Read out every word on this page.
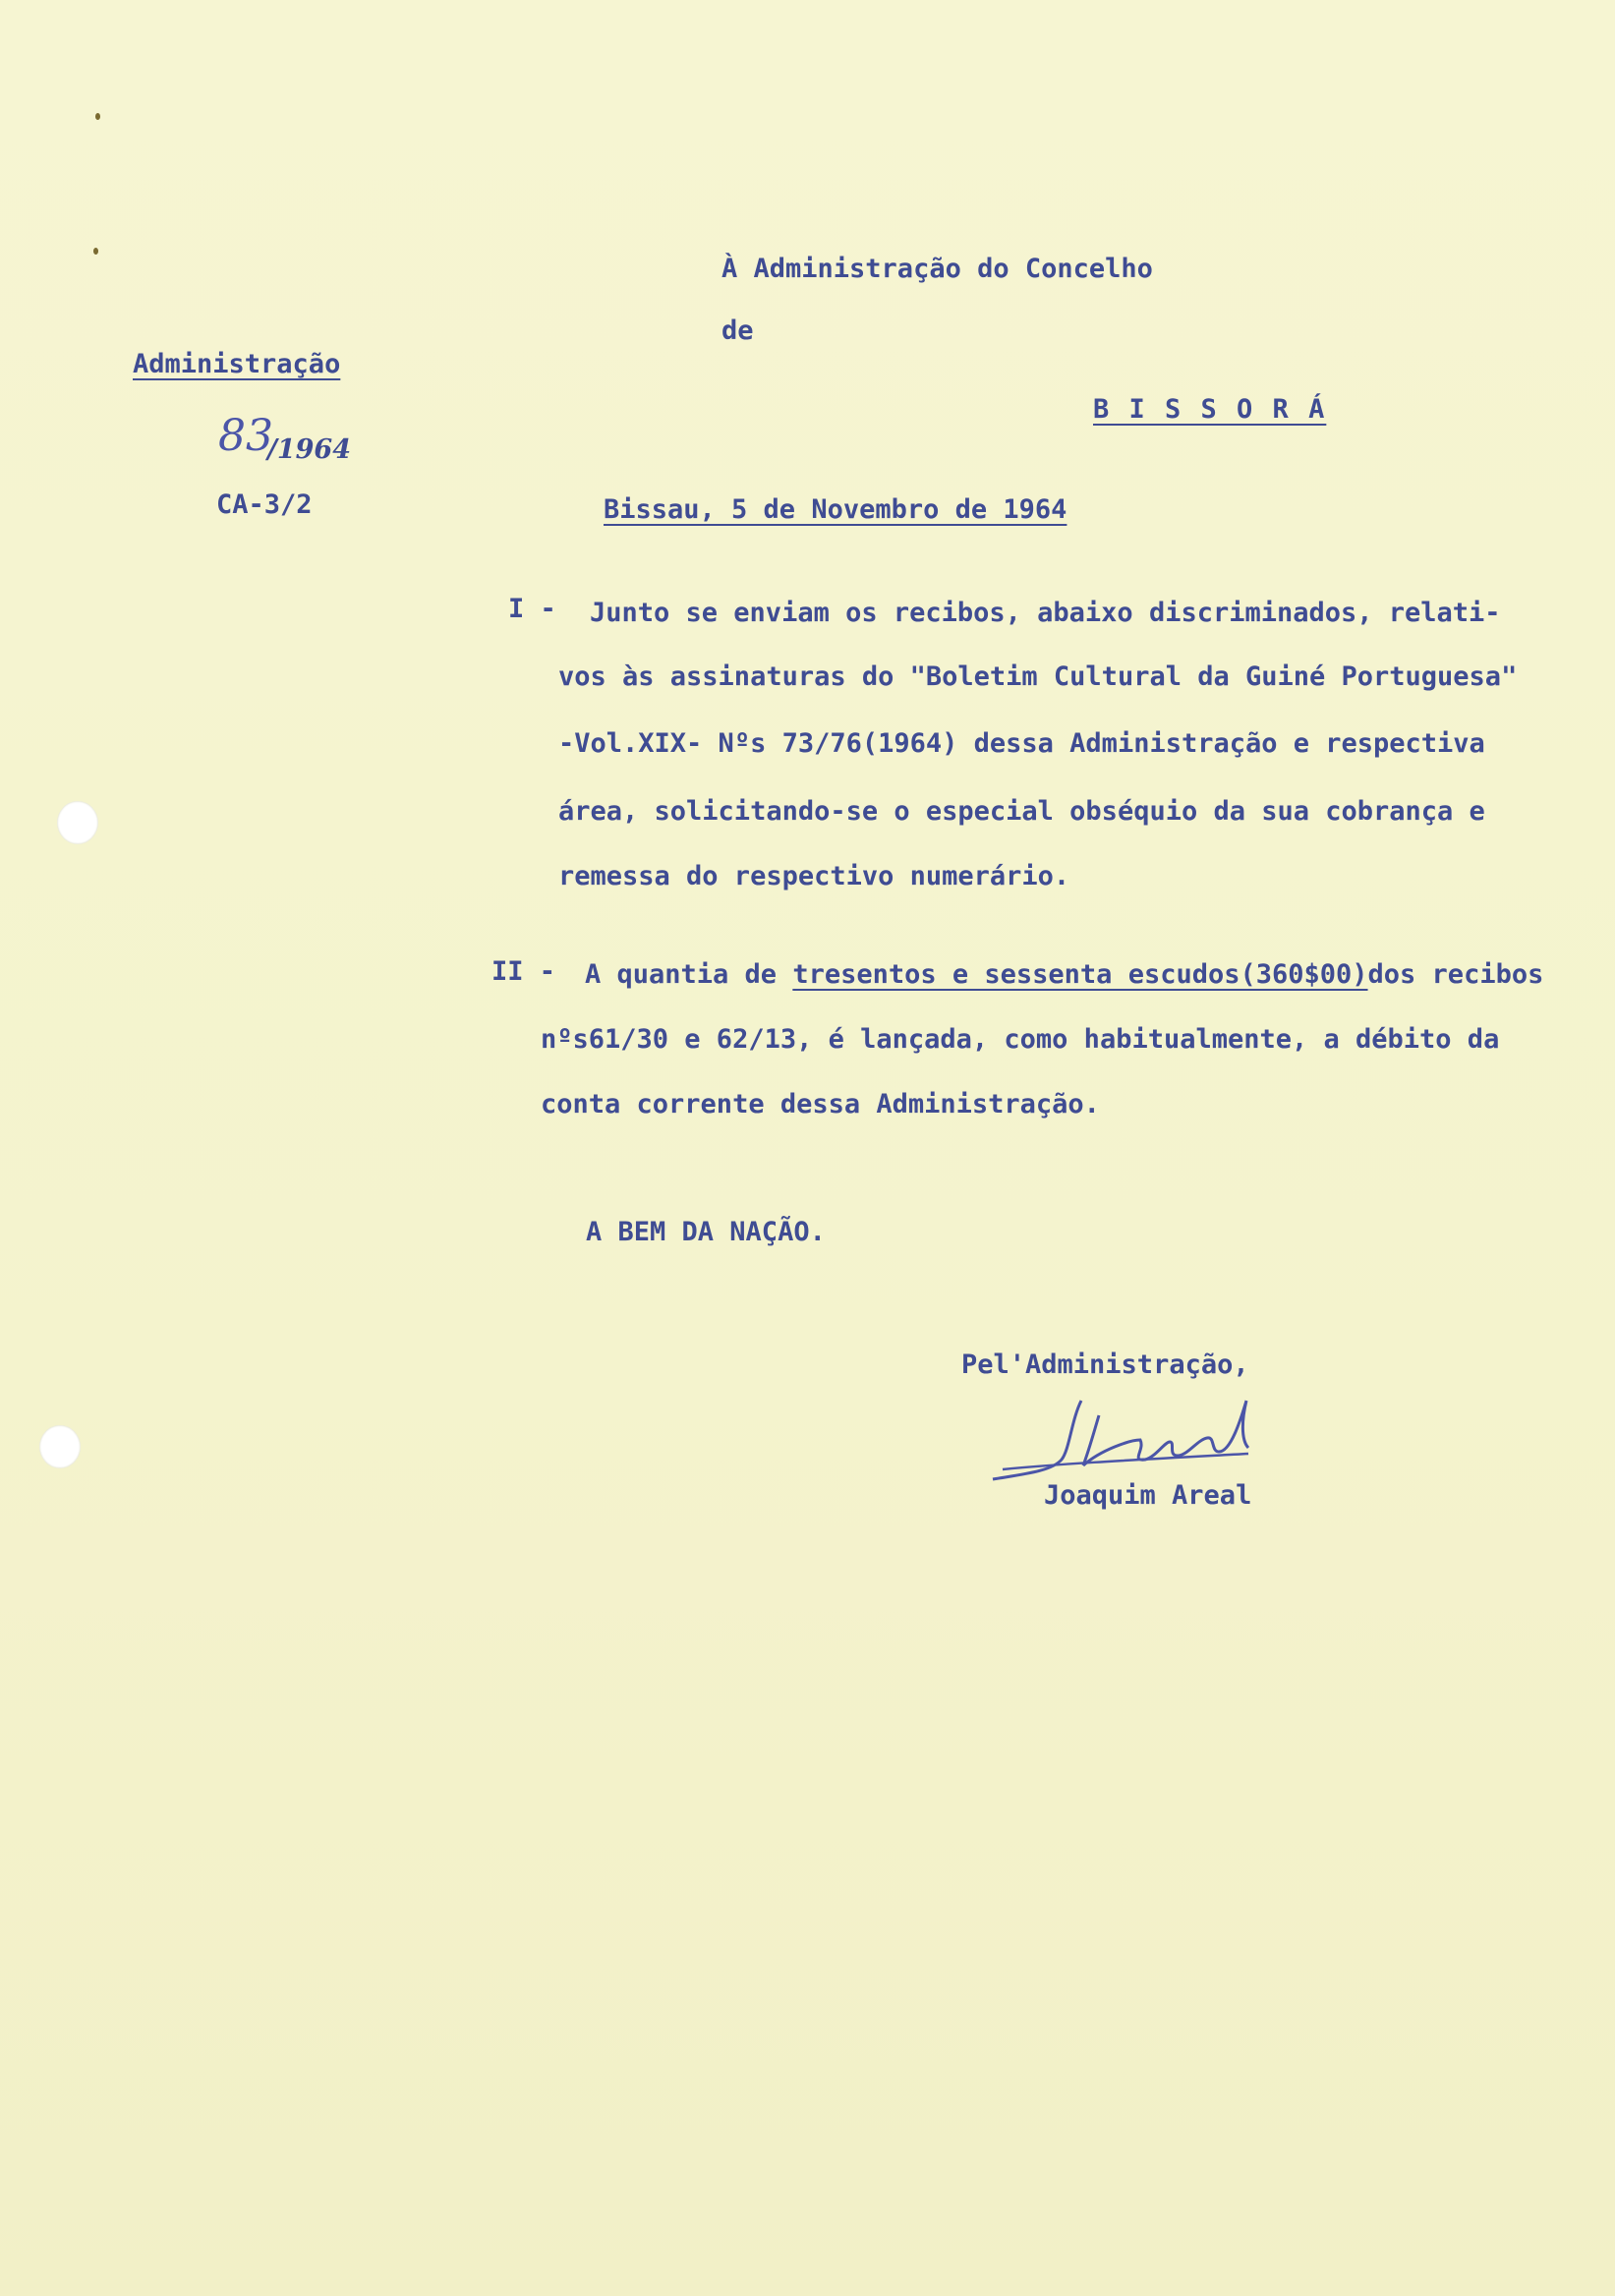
À Administração do Concelho
de
B I S S O R Á
Administração
83
/1964
CA-3/2	Bissau, 5 de Novembro de 1964
I - Junto se enviam os recibos, abaixo discriminados, relati-
vos às assinaturas do "Boletim Cultural da Guiné Portuguesa"
-Vol.XIX- Nºs 73/76(1964) dessa Administração e respectiva
área, solicitando-se o especial obséquio da sua cobrança e
remessa do respectivo numerário.
II - A quantia de tresentos e sessenta escudos(360$00)dos recibos
nºs61/30 e 62/13, é lançada, como habitualmente, a débito da
conta corrente dessa Administração.
A BEM DA NAÇÃO.
Pel'Administração,
Joaquim Areal
